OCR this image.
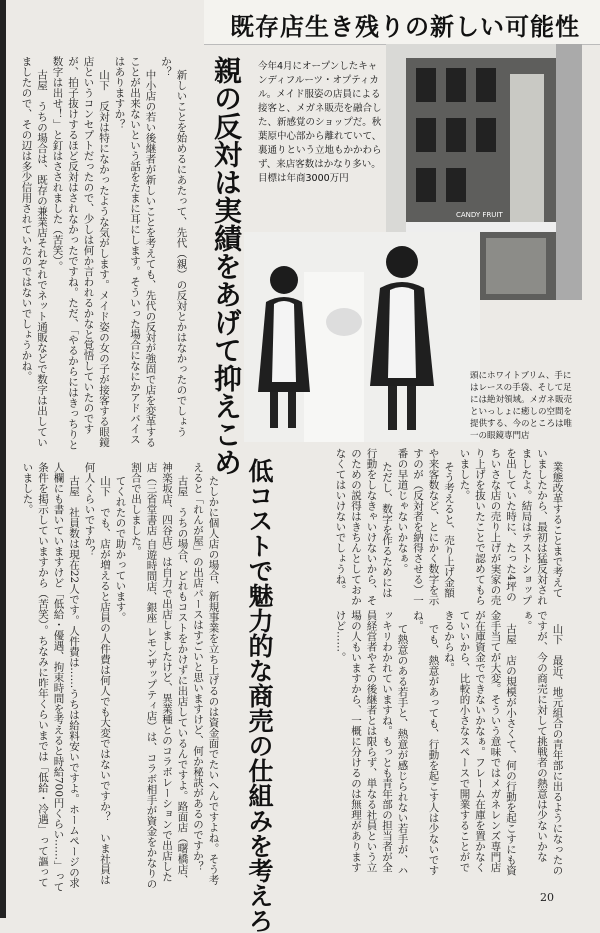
既存店生き残りの新しい可能性
CANDY FRUIT
今年4月にオープンしたキャンディフルーツ・オプティカル。メイド服姿の店員による接客と、メガネ販売を融合した、新感覚のショップだ。秋葉原中心部から離れていて、裏通りという立地もかかわらず、来店客数はかなり多い。目標は年商3000万円
頭にホワイトブリム、手にはレースの手袋、そして足には絶対領域。メガネ販売といっしょに癒しの空間を提供する、今のところは唯一の眼鏡専門店
親の反対は実績をあげて抑えこめ

新しいことを始めるにあたって、先代（親）の反対とかはなかったのでしょうか？
中小店の若い後継者が新しいことを考えても、先代の反対が強固で店を変革することが出来ないという話をたまに耳にします。そういった場合になにかアドバイスはありますか？
山下　反対は特になかったような気がします。メイド姿の女の子が接客する眼鏡店というコンセプトだったので、少しは何か言われるかなと覚悟していたのですが、拍子抜けするほど反対はされなかったですね。ただ、「やるからにはきっちりと数字は出せ！」と釘はさされました（苦笑）。
古屋　うちの場合は、既存の兼業店それぞれでネット通販などで数字は出していましたので、その辺は多少信用されていたのではないでしょうかね。

業態改革することまで考えていましたから、最初は猛反対されましたよ。結局はテストショップを出していた時に、たった4坪のちいさな店の売り上げが実家の売り上げを抜いたことで認めてもらいました。
そう考えると、売り上げ金額や来客数など、とにかく数字を示すのが（反対者を納得させる）一番の早道じゃないかなぁ。
ただし、数字を作るためには行動をしなきゃいけないから、そのための説得はきちんとしておかなくてはいけないでしょうね。

低コストで魅力的な商売の仕組みを考えろ

たしかに個人店の場合、新規事業を立ち上げるのは資金面でたいへんですよね。そう考えると「れんが屋」の出店パースはすごいと思いますけど、何か秘訣があるのですか？
古屋　うちの場合、どれもコストをかけずに出店しているんですよ。路面店（曙橋店、神楽坂店、四谷店）は自力で出店しましたけど、異業種とのコラボレーションで出店した店（三省堂書店 自遊時間店、銀座 レモンザップティ店）は、コラボ相手が資金をかなりの割合で出しました。
てくれたので助かっています。
山下　でも、店が増えると店員の人件費は何人でも大変ではないですか？　いま社員は何人くらいですか？
古屋　社員数は現在22人です。人件費は……うちは給料安いですよ。ホームページの求人欄にも書いていますけど「低給・優遇、拘束時間を考えると時給700円くらい……」って条件を掲示していますから（苦笑）。ちなみに昨年くらいまでは「低給・冷遇」って謳っていました。

山下　最近、地元組合の青年部に出るようになったのですが、今の商売に対して挑戦者の熱意は少ないかなぁ。
古屋　店の規模が小さくて、何の行動を起こすにも資金手当てが大変。そういう意味ではメガネレンズ専門店が在庫資金でできないかなぁ。フレーム在庫を置かなくていいから、比較的小さなスペースで開業することができるからね。
でも、熱意があっても、行動を起こす人は少ないですね。
て熱意のある若手と、熱意が感じられない若手が、ハッキリわかれていますね。もっとも青年部の担当者が全員経営者やその後継者とは限らず、単なる社員という立場の人もいますから、一概に分けるのは無理がありますけど……。

20
